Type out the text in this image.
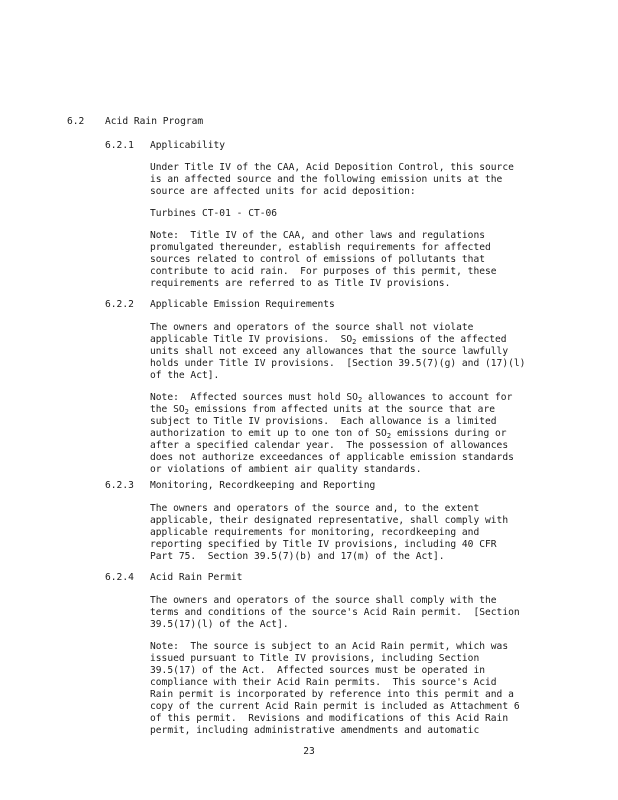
6.2 Acid Rain Program
6.2.1 Applicability
Under Title IV of the CAA, Acid Deposition Control, this source
is an affected source and the following emission units at the
source are affected units for acid deposition:
Turbines CT-01 - CT-06
Note:  Title IV of the CAA, and other laws and regulations
promulgated thereunder, establish requirements for affected
sources related to control of emissions of pollutants that
contribute to acid rain.  For purposes of this permit, these
requirements are referred to as Title IV provisions.
6.2.2 Applicable Emission Requirements
The owners and operators of the source shall not violate
applicable Title IV provisions.  $SO_2$ emissions of the affected
units shall not exceed any allowances that the source lawfully
holds under Title IV provisions.  [Section 39.5(7)(g) and (17)(l)
of the Act].
Note:  Affected sources must hold $SO_2$ allowances to account for
the $SO_2$ emissions from affected units at the source that are
subject to Title IV provisions.  Each allowance is a limited
authorization to emit up to one ton of $SO_2$ emissions during or
after a specified calendar year.  The possession of allowances
does not authorize exceedances of applicable emission standards
or violations of ambient air quality standards.
6.2.3 Monitoring, Recordkeeping and Reporting
The owners and operators of the source and, to the extent
applicable, their designated representative, shall comply with
applicable requirements for monitoring, recordkeeping and
reporting specified by Title IV provisions, including 40 CFR
Part 75.  Section 39.5(7)(b) and 17(m) of the Act].
6.2.4 Acid Rain Permit
The owners and operators of the source shall comply with the
terms and conditions of the source's Acid Rain permit.  [Section
39.5(17)(l) of the Act].
Note:  The source is subject to an Acid Rain permit, which was
issued pursuant to Title IV provisions, including Section
39.5(17) of the Act.  Affected sources must be operated in
compliance with their Acid Rain permits.  This source's Acid
Rain permit is incorporated by reference into this permit and a
copy of the current Acid Rain permit is included as Attachment 6
of this permit.  Revisions and modifications of this Acid Rain
permit, including administrative amendments and automatic
23
